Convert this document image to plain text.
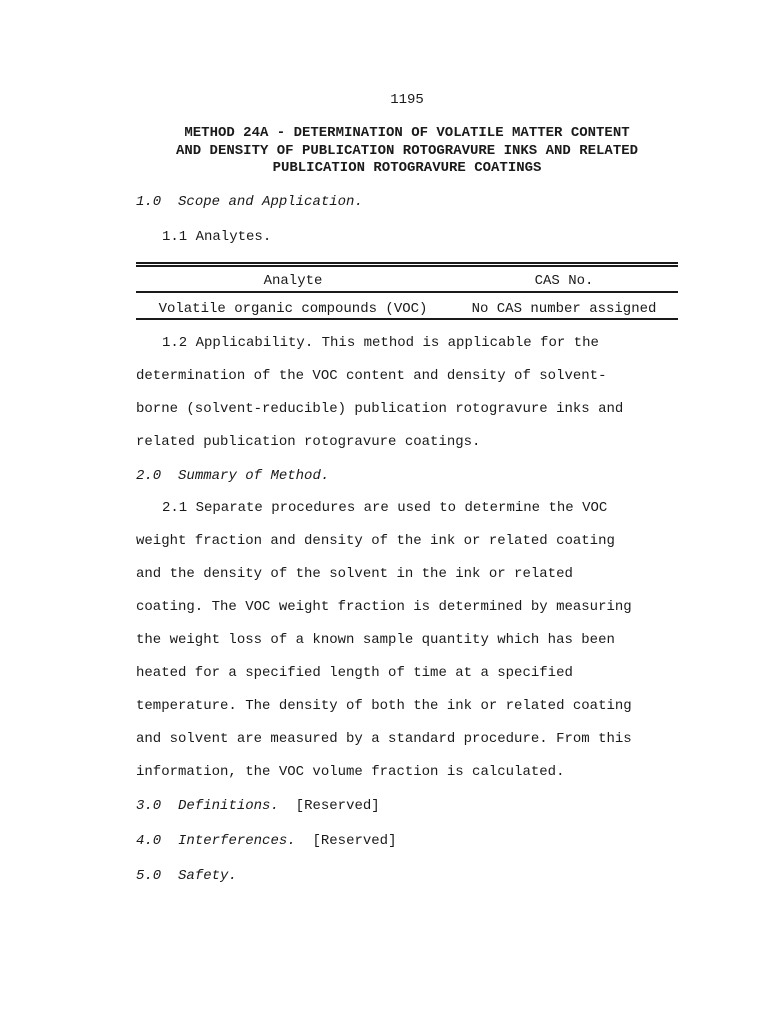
1195
METHOD 24A - DETERMINATION OF VOLATILE MATTER CONTENT
AND DENSITY OF PUBLICATION ROTOGRAVURE INKS AND RELATED
PUBLICATION ROTOGRAVURE COATINGS
1.0 Scope and Application.
1.1 Analytes.
Analyte	CAS No.
Volatile organic compounds (VOC)	No CAS number assigned
1.2 Applicability. This method is applicable for the
determination of the VOC content and density of solvent-
borne (solvent-reducible) publication rotogravure inks and
related publication rotogravure coatings.
2.0 Summary of Method.
2.1 Separate procedures are used to determine the VOC
weight fraction and density of the ink or related coating
and the density of the solvent in the ink or related
coating. The VOC weight fraction is determined by measuring
the weight loss of a known sample quantity which has been
heated for a specified length of time at a specified
temperature. The density of both the ink or related coating
and solvent are measured by a standard procedure. From this
information, the VOC volume fraction is calculated.
3.0 Definitions. [Reserved]
4.0 Interferences. [Reserved]
5.0 Safety.
